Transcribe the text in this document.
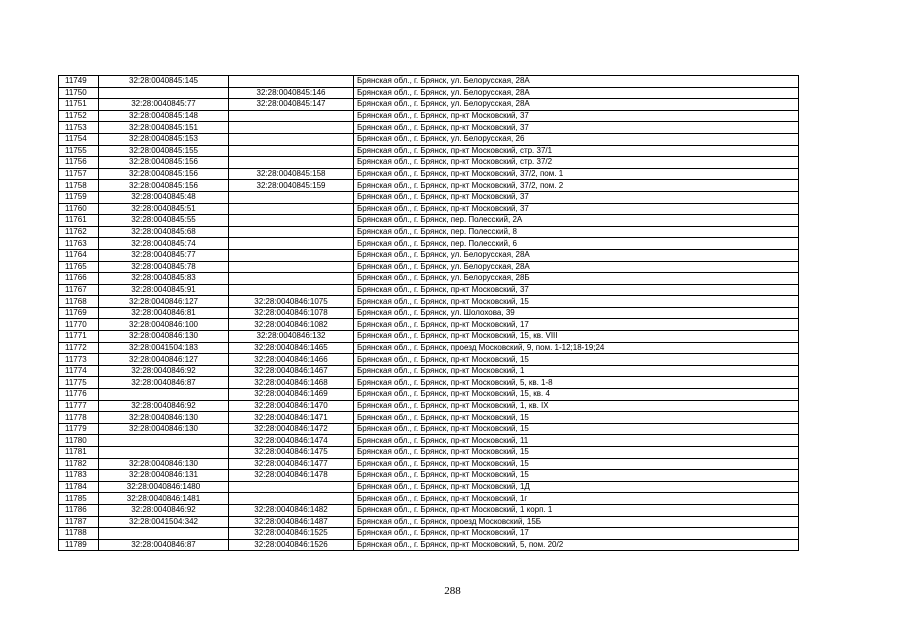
11749	32:28:0040845:145		Брянская обл., г. Брянск, ул. Белорусская, 28А
11750		32:28:0040845:146	Брянская обл., г. Брянск, ул. Белорусская, 28А
11751	32:28:0040845:77	32:28:0040845:147	Брянская обл., г. Брянск, ул. Белорусская, 28А
11752	32:28:0040845:148		Брянская обл., г. Брянск, пр-кт Московский, 37
11753	32:28:0040845:151		Брянская обл., г. Брянск, пр-кт Московский, 37
11754	32:28:0040845:153		Брянская обл., г. Брянск, ул. Белорусская, 26
11755	32:28:0040845:155		Брянская обл., г. Брянск, пр-кт Московский, стр. 37/1
11756	32:28:0040845:156		Брянская обл., г. Брянск, пр-кт Московский, стр. 37/2
11757	32:28:0040845:156	32:28:0040845:158	Брянская обл., г. Брянск, пр-кт Московский, 37/2, пом. 1
11758	32:28:0040845:156	32:28:0040845:159	Брянская обл., г. Брянск, пр-кт Московский, 37/2, пом. 2
11759	32:28:0040845:48		Брянская обл., г. Брянск, пр-кт Московский, 37
11760	32:28:0040845:51		Брянская обл., г. Брянск, пр-кт Московский, 37
11761	32:28:0040845:55		Брянская обл., г. Брянск, пер. Полесский, 2А
11762	32:28:0040845:68		Брянская обл., г. Брянск, пер. Полесский, 8
11763	32:28:0040845:74		Брянская обл., г. Брянск, пер. Полесский, 6
11764	32:28:0040845:77		Брянская обл., г. Брянск, ул. Белорусская, 28А
11765	32:28:0040845:78		Брянская обл., г. Брянск, ул. Белорусская, 28А
11766	32:28:0040845:83		Брянская обл., г. Брянск, ул. Белорусская, 28Б
11767	32:28:0040845:91		Брянская обл., г. Брянск, пр-кт Московский, 37
11768	32:28:0040846:127	32:28:0040846:1075	Брянская обл., г. Брянск, пр-кт Московский, 15
11769	32:28:0040846:81	32:28:0040846:1078	Брянская обл., г. Брянск, ул. Шолохова, 39
11770	32:28:0040846:100	32:28:0040846:1082	Брянская обл., г. Брянск, пр-кт Московский, 17
11771	32:28:0040846:130	32:28:0040846:132	Брянская обл., г. Брянск, пр-кт Московский, 15, кв. VIII
11772	32:28:0041504:183	32:28:0040846:1465	Брянская обл., г. Брянск, проезд Московский, 9, пом. 1-12;18-19;24
11773	32:28:0040846:127	32:28:0040846:1466	Брянская обл., г. Брянск, пр-кт Московский, 15
11774	32:28:0040846:92	32:28:0040846:1467	Брянская обл., г. Брянск, пр-кт Московский, 1
11775	32:28:0040846:87	32:28:0040846:1468	Брянская обл., г. Брянск, пр-кт Московский, 5, кв. 1-8
11776		32:28:0040846:1469	Брянская обл., г. Брянск, пр-кт Московский, 15, кв. 4
11777	32:28:0040846:92	32:28:0040846:1470	Брянская обл., г. Брянск, пр-кт Московский, 1, кв. IX
11778	32:28:0040846:130	32:28:0040846:1471	Брянская обл., г. Брянск, пр-кт Московский, 15
11779	32:28:0040846:130	32:28:0040846:1472	Брянская обл., г. Брянск, пр-кт Московский, 15
11780		32:28:0040846:1474	Брянская обл., г. Брянск, пр-кт Московский, 11
11781		32:28:0040846:1475	Брянская обл., г. Брянск, пр-кт Московский, 15
11782	32:28:0040846:130	32:28:0040846:1477	Брянская обл., г. Брянск, пр-кт Московский, 15
11783	32:28:0040846:131	32:28:0040846:1478	Брянская обл., г. Брянск, пр-кт Московский, 15
11784	32:28:0040846:1480		Брянская обл., г. Брянск, пр-кт Московский, 1Д
11785	32:28:0040846:1481		Брянская обл., г. Брянск, пр-кт Московский, 1г
11786	32:28:0040846:92	32:28:0040846:1482	Брянская обл., г. Брянск, пр-кт Московский, 1 корп. 1
11787	32:28:0041504:342	32:28:0040846:1487	Брянская обл., г. Брянск, проезд Московский, 15Б
11788		32:28:0040846:1525	Брянская обл., г. Брянск, пр-кт Московский, 17
11789	32:28:0040846:87	32:28:0040846:1526	Брянская обл., г. Брянск, пр-кт Московский, 5, пом. 20/2
288
